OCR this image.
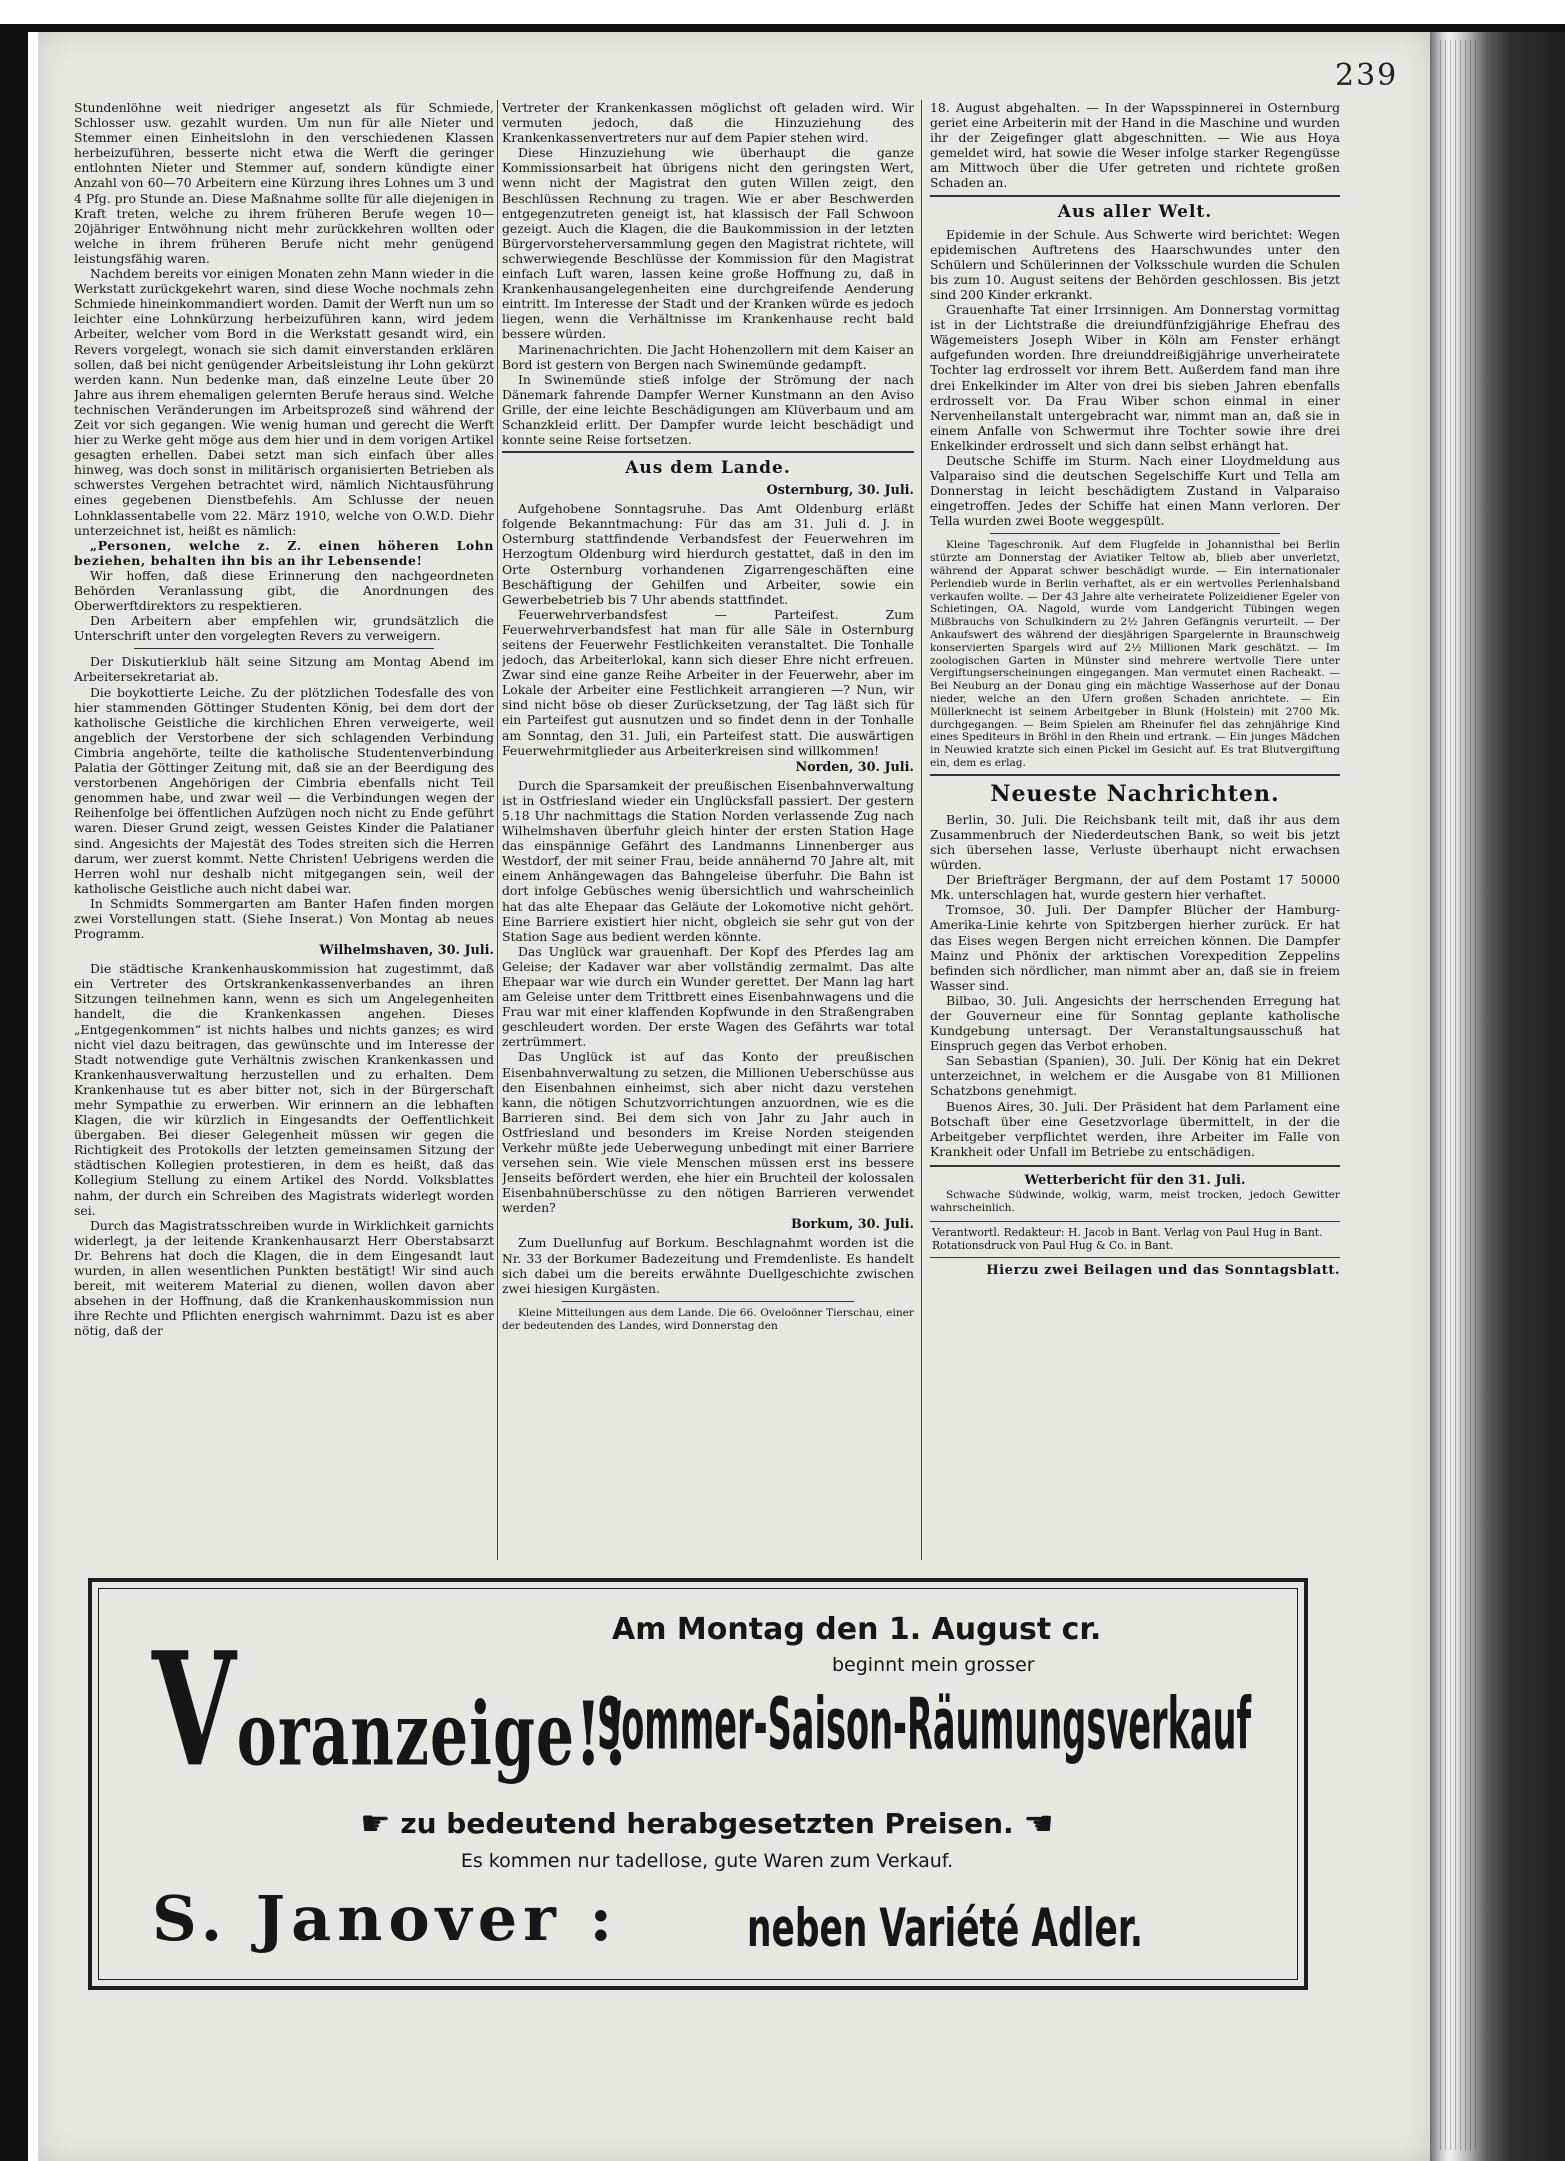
239

Stundenlöhne weit niedriger angesetzt als für Schmiede, Schlosser usw. gezahlt wurden. Um nun für alle Nieter und Stemmer einen Einheitslohn in den verschiedenen Klassen herbeizuführen, besserte nicht etwa die Werft die geringer entlohnten Nieter und Stemmer auf, sondern kündigte einer Anzahl von 60—70 Arbeitern eine Kürzung ihres Lohnes um 3 und 4 Pfg. pro Stunde an. Diese Maßnahme sollte für alle diejenigen in Kraft treten, welche zu ihrem früheren Berufe wegen 10—20jähriger Entwöhnung nicht mehr zurückkehren wollten oder welche in ihrem früheren Berufe nicht mehr genügend leistungsfähig waren.

Nachdem bereits vor einigen Monaten zehn Mann wieder in die Werkstatt zurückgekehrt waren, sind diese Woche nochmals zehn Schmiede hineinkommandiert worden. Damit der Werft nun um so leichter eine Lohnkürzung herbeizuführen kann, wird jedem Arbeiter, welcher vom Bord in die Werkstatt gesandt wird, ein Revers vorgelegt, wonach sie sich damit einverstanden erklären sollen, daß bei nicht genügender Arbeitsleistung ihr Lohn gekürzt werden kann. Nun bedenke man, daß einzelne Leute über 20 Jahre aus ihrem ehemaligen gelernten Berufe heraus sind. Welche technischen Veränderungen im Arbeitsprozeß sind während der Zeit vor sich gegangen. Wie wenig human und gerecht die Werft hier zu Werke geht möge aus dem hier und in dem vorigen Artikel gesagten erhellen. Dabei setzt man sich einfach über alles hinweg, was doch sonst in militärisch organisierten Betrieben als schwerstes Vergehen betrachtet wird, nämlich Nichtausführung eines gegebenen Dienstbefehls. Am Schlusse der neuen Lohnklassentabelle vom 22. März 1910, welche von O.W.D. Diehr unterzeichnet ist, heißt es nämlich:

„Personen, welche z. Z. einen höheren Lohn beziehen, behalten ihn bis an ihr Lebensende!

Wir hoffen, daß diese Erinnerung den nachgeordneten Behörden Veranlassung gibt, die Anordnungen des Oberwerftdirektors zu respektieren.

Den Arbeitern aber empfehlen wir, grundsätzlich die Unterschrift unter den vorgelegten Revers zu verweigern.

Der Diskutierklub hält seine Sitzung am Montag Abend im Arbeitersekretariat ab.

Die boykottierte Leiche. Zu der plötzlichen Todesfalle des von hier stammenden Göttinger Studenten König, bei dem dort der katholische Geistliche die kirchlichen Ehren verweigerte, weil angeblich der Verstorbene der sich schlagenden Verbindung Cimbria angehörte, teilte die katholische Studentenverbindung Palatia der Göttinger Zeitung mit, daß sie an der Beerdigung des verstorbenen Angehörigen der Cimbria ebenfalls nicht Teil genommen habe, und zwar weil — die Verbindungen wegen der Reihenfolge bei öffentlichen Aufzügen noch nicht zu Ende geführt waren. Dieser Grund zeigt, wessen Geistes Kinder die Palatianer sind. Angesichts der Majestät des Todes streiten sich die Herren darum, wer zuerst kommt. Nette Christen! Uebrigens werden die Herren wohl nur deshalb nicht mitgegangen sein, weil der katholische Geistliche auch nicht dabei war.

In Schmidts Sommergarten am Banter Hafen finden morgen zwei Vorstellungen statt. (Siehe Inserat.) Von Montag ab neues Programm.

Wilhelmshaven, 30. Juli.

Die städtische Krankenhauskommission hat zugestimmt, daß ein Vertreter des Ortskrankenkassenverbandes an ihren Sitzungen teilnehmen kann, wenn es sich um Angelegenheiten handelt, die die Krankenkassen angehen. Dieses „Entgegenkommen“ ist nichts halbes und nichts ganzes; es wird nicht viel dazu beitragen, das gewünschte und im Interesse der Stadt notwendige gute Verhältnis zwischen Krankenkassen und Krankenhausverwaltung herzustellen und zu erhalten. Dem Krankenhause tut es aber bitter not, sich in der Bürgerschaft mehr Sympathie zu erwerben. Wir erinnern an die lebhaften Klagen, die wir kürzlich in Eingesandts der Oeffentlichkeit übergaben. Bei dieser Gelegenheit müssen wir gegen die Richtigkeit des Protokolls der letzten gemeinsamen Sitzung der städtischen Kollegien protestieren, in dem es heißt, daß das Kollegium Stellung zu einem Artikel des Nordd. Volksblattes nahm, der durch ein Schreiben des Magistrats widerlegt worden sei.

Durch das Magistratsschreiben wurde in Wirklichkeit garnichts widerlegt, ja der leitende Krankenhausarzt Herr Oberstabsarzt Dr. Behrens hat doch die Klagen, die in dem Eingesandt laut wurden, in allen wesentlichen Punkten bestätigt! Wir sind auch bereit, mit weiterem Material zu dienen, wollen davon aber absehen in der Hoffnung, daß die Krankenhauskommission nun ihre Rechte und Pflichten energisch wahrnimmt. Dazu ist es aber nötig, daß der

Vertreter der Krankenkassen möglichst oft geladen wird. Wir vermuten jedoch, daß die Hinzuziehung des Krankenkassenvertreters nur auf dem Papier stehen wird.

Diese Hinzuziehung wie überhaupt die ganze Kommissionsarbeit hat übrigens nicht den geringsten Wert, wenn nicht der Magistrat den guten Willen zeigt, den Beschlüssen Rechnung zu tragen. Wie er aber Beschwerden entgegenzutreten geneigt ist, hat klassisch der Fall Schwoon gezeigt. Auch die Klagen, die die Baukommission in der letzten Bürgervorsteherversammlung gegen den Magistrat richtete, will schwerwiegende Beschlüsse der Kommission für den Magistrat einfach Luft waren, lassen keine große Hoffnung zu, daß in Krankenhausangelegenheiten eine durchgreifende Aenderung eintritt. Im Interesse der Stadt und der Kranken würde es jedoch liegen, wenn die Verhältnisse im Krankenhause recht bald bessere würden.

Marinenachrichten. Die Jacht Hohenzollern mit dem Kaiser an Bord ist gestern von Bergen nach Swinemünde gedampft.

In Swinemünde stieß infolge der Strömung der nach Dänemark fahrende Dampfer Werner Kunstmann an den Aviso Grille, der eine leichte Beschädigungen am Klüverbaum und am Schanzkleid erlitt. Der Dampfer wurde leicht beschädigt und konnte seine Reise fortsetzen.

Aus dem Lande.
Osternburg, 30. Juli.

Aufgehobene Sonntagsruhe. Das Amt Oldenburg erläßt folgende Bekanntmachung: Für das am 31. Juli d. J. in Osternburg stattfindende Verbandsfest der Feuerwehren im Herzogtum Oldenburg wird hierdurch gestattet, daß in den im Orte Osternburg vorhandenen Zigarrengeschäften eine Beschäftigung der Gehilfen und Arbeiter, sowie ein Gewerbebetrieb bis 7 Uhr abends stattfindet.

Feuerwehrverbandsfest — Parteifest. Zum Feuerwehrverbandsfest hat man für alle Säle in Osternburg seitens der Feuerwehr Festlichkeiten veranstaltet. Die Tonhalle jedoch, das Arbeiterlokal, kann sich dieser Ehre nicht erfreuen. Zwar sind eine ganze Reihe Arbeiter in der Feuerwehr, aber im Lokale der Arbeiter eine Festlichkeit arrangieren —? Nun, wir sind nicht böse ob dieser Zurücksetzung, der Tag läßt sich für ein Parteifest gut ausnutzen und so findet denn in der Tonhalle am Sonntag, den 31. Juli, ein Parteifest statt. Die auswärtigen Feuerwehrmitglieder aus Arbeiterkreisen sind willkommen!

Norden, 30. Juli.

Durch die Sparsamkeit der preußischen Eisenbahnverwaltung ist in Ostfriesland wieder ein Unglücksfall passiert. Der gestern 5.18 Uhr nachmittags die Station Norden verlassende Zug nach Wilhelmshaven überfuhr gleich hinter der ersten Station Hage das einspännige Gefährt des Landmanns Linnenberger aus Westdorf, der mit seiner Frau, beide annähernd 70 Jahre alt, mit einem Anhängewagen das Bahngeleise überfuhr. Die Bahn ist dort infolge Gebüsches wenig übersichtlich und wahrscheinlich hat das alte Ehepaar das Geläute der Lokomotive nicht gehört. Eine Barriere existiert hier nicht, obgleich sie sehr gut von der Station Sage aus bedient werden könnte.

Das Unglück war grauenhaft. Der Kopf des Pferdes lag am Geleise; der Kadaver war aber vollständig zermalmt. Das alte Ehepaar war wie durch ein Wunder gerettet. Der Mann lag hart am Geleise unter dem Trittbrett eines Eisenbahnwagens und die Frau war mit einer klaffenden Kopfwunde in den Straßengraben geschleudert worden. Der erste Wagen des Gefährts war total zertrümmert.

Das Unglück ist auf das Konto der preußischen Eisenbahnverwaltung zu setzen, die Millionen Ueberschüsse aus den Eisenbahnen einheimst, sich aber nicht dazu verstehen kann, die nötigen Schutzvorrichtungen anzuordnen, wie es die Barrieren sind. Bei dem sich von Jahr zu Jahr auch in Ostfriesland und besonders im Kreise Norden steigenden Verkehr müßte jede Ueberwegung unbedingt mit einer Barriere versehen sein. Wie viele Menschen müssen erst ins bessere Jenseits befördert werden, ehe hier ein Bruchteil der kolossalen Eisenbahnüberschüsse zu den nötigen Barrieren verwendet werden?

Borkum, 30. Juli.

Zum Duellunfug auf Borkum. Beschlagnahmt worden ist die Nr. 33 der Borkumer Badezeitung und Fremdenliste. Es handelt sich dabei um die bereits erwähnte Duellgeschichte zwischen zwei hiesigen Kurgästen.

Kleine Mitteilungen aus dem Lande. Die 66. Oveloönner Tierschau, einer der bedeutenden des Landes, wird Donnerstag den

18. August abgehalten. — In der Wapsspinnerei in Osternburg geriet eine Arbeiterin mit der Hand in die Maschine und wurden ihr der Zeigefinger glatt abgeschnitten. — Wie aus Hoya gemeldet wird, hat sowie die Weser infolge starker Regengüsse am Mittwoch über die Ufer getreten und richtete großen Schaden an.

Aus aller Welt.

Epidemie in der Schule. Aus Schwerte wird berichtet: Wegen epidemischen Auftretens des Haarschwundes unter den Schülern und Schülerinnen der Volksschule wurden die Schulen bis zum 10. August seitens der Behörden geschlossen. Bis jetzt sind 200 Kinder erkrankt.

Grauenhafte Tat einer Irrsinnigen. Am Donnerstag vormittag ist in der Lichtstraße die dreiundfünfzigjährige Ehefrau des Wägemeisters Joseph Wiber in Köln am Fenster erhängt aufgefunden worden. Ihre dreiunddreißigjährige unverheiratete Tochter lag erdrosselt vor ihrem Bett. Außerdem fand man ihre drei Enkelkinder im Alter von drei bis sieben Jahren ebenfalls erdrosselt vor. Da Frau Wiber schon einmal in einer Nervenheilanstalt untergebracht war, nimmt man an, daß sie in einem Anfalle von Schwermut ihre Tochter sowie ihre drei Enkelkinder erdrosselt und sich dann selbst erhängt hat.

Deutsche Schiffe im Sturm. Nach einer Lloydmeldung aus Valparaiso sind die deutschen Segelschiffe Kurt und Tella am Donnerstag in leicht beschädigtem Zustand in Valparaiso eingetroffen. Jedes der Schiffe hat einen Mann verloren. Der Tella wurden zwei Boote weggespült.

Kleine Tageschronik. Auf dem Flugfelde in Johannisthal bei Berlin stürzte am Donnerstag der Aviatiker Teltow ab, blieb aber unverletzt, während der Apparat schwer beschädigt wurde. — Ein internationaler Perlendieb wurde in Berlin verhaftet, als er ein wertvolles Perlenhalsband verkaufen wollte. — Der 43 Jahre alte verheiratete Polizeidiener Egeler von Schietingen, OA. Nagold, wurde vom Landgericht Tübingen wegen Mißbrauchs von Schulkindern zu 2½ Jahren Gefängnis verurteilt. — Der Ankaufswert des während der diesjährigen Spargelernte in Braunschweig konservierten Spargels wird auf 2½ Millionen Mark geschätzt. — Im zoologischen Garten in Münster sind mehrere wertvolle Tiere unter Vergiftungserscheinungen eingegangen. Man vermutet einen Racheakt. — Bei Neuburg an der Donau ging ein mächtige Wasserhose auf der Donau nieder, welche an den Ufern großen Schaden anrichtete. — Ein Müllerknecht ist seinem Arbeitgeber in Blunk (Holstein) mit 2700 Mk. durchgegangen. — Beim Spielen am Rheinufer fiel das zehnjährige Kind eines Spediteurs in Bröhl in den Rhein und ertrank. — Ein junges Mädchen in Neuwied kratzte sich einen Pickel im Gesicht auf. Es trat Blutvergiftung ein, dem es erlag.

Neueste Nachrichten.

Berlin, 30. Juli. Die Reichsbank teilt mit, daß ihr aus dem Zusammenbruch der Niederdeutschen Bank, so weit bis jetzt sich übersehen lasse, Verluste überhaupt nicht erwachsen würden.

Der Briefträger Bergmann, der auf dem Postamt 17 50000 Mk. unterschlagen hat, wurde gestern hier verhaftet.

Tromsoe, 30. Juli. Der Dampfer Blücher der Hamburg-Amerika-Linie kehrte von Spitzbergen hierher zurück. Er hat das Eises wegen Bergen nicht erreichen können. Die Dampfer Mainz und Phönix der arktischen Vorexpedition Zeppelins befinden sich nördlicher, man nimmt aber an, daß sie in freiem Wasser sind.

Bilbao, 30. Juli. Angesichts der herrschenden Erregung hat der Gouverneur eine für Sonntag geplante katholische Kundgebung untersagt. Der Veranstaltungsausschuß hat Einspruch gegen das Verbot erhoben.

San Sebastian (Spanien), 30. Juli. Der König hat ein Dekret unterzeichnet, in welchem er die Ausgabe von 81 Millionen Schatzbons genehmigt.

Buenos Aires, 30. Juli. Der Präsident hat dem Parlament eine Botschaft über eine Gesetzvorlage übermittelt, in der die Arbeitgeber verpflichtet werden, ihre Arbeiter im Falle von Krankheit oder Unfall im Betriebe zu entschädigen.

Wetterbericht für den 31. Juli.

Schwache Südwinde, wolkig, warm, meist trocken, jedoch Gewitter wahrscheinlich.

Verantwortl. Redakteur: H. Jacob in Bant. Verlag von Paul Hug in Bant. Rotationsdruck von Paul Hug & Co. in Bant.
Hierzu zwei Beilagen und das Sonntagsblatt.
Voranzeige!!
Am Montag den 1. August cr.
beginnt mein grosser
Sommer-Saison-Räumungsverkauf
☛ zu bedeutend herabgesetzten Preisen. ☚
Es kommen nur tadellose, gute Waren zum Verkauf.
S. Janover :	neben Variété Adler.
